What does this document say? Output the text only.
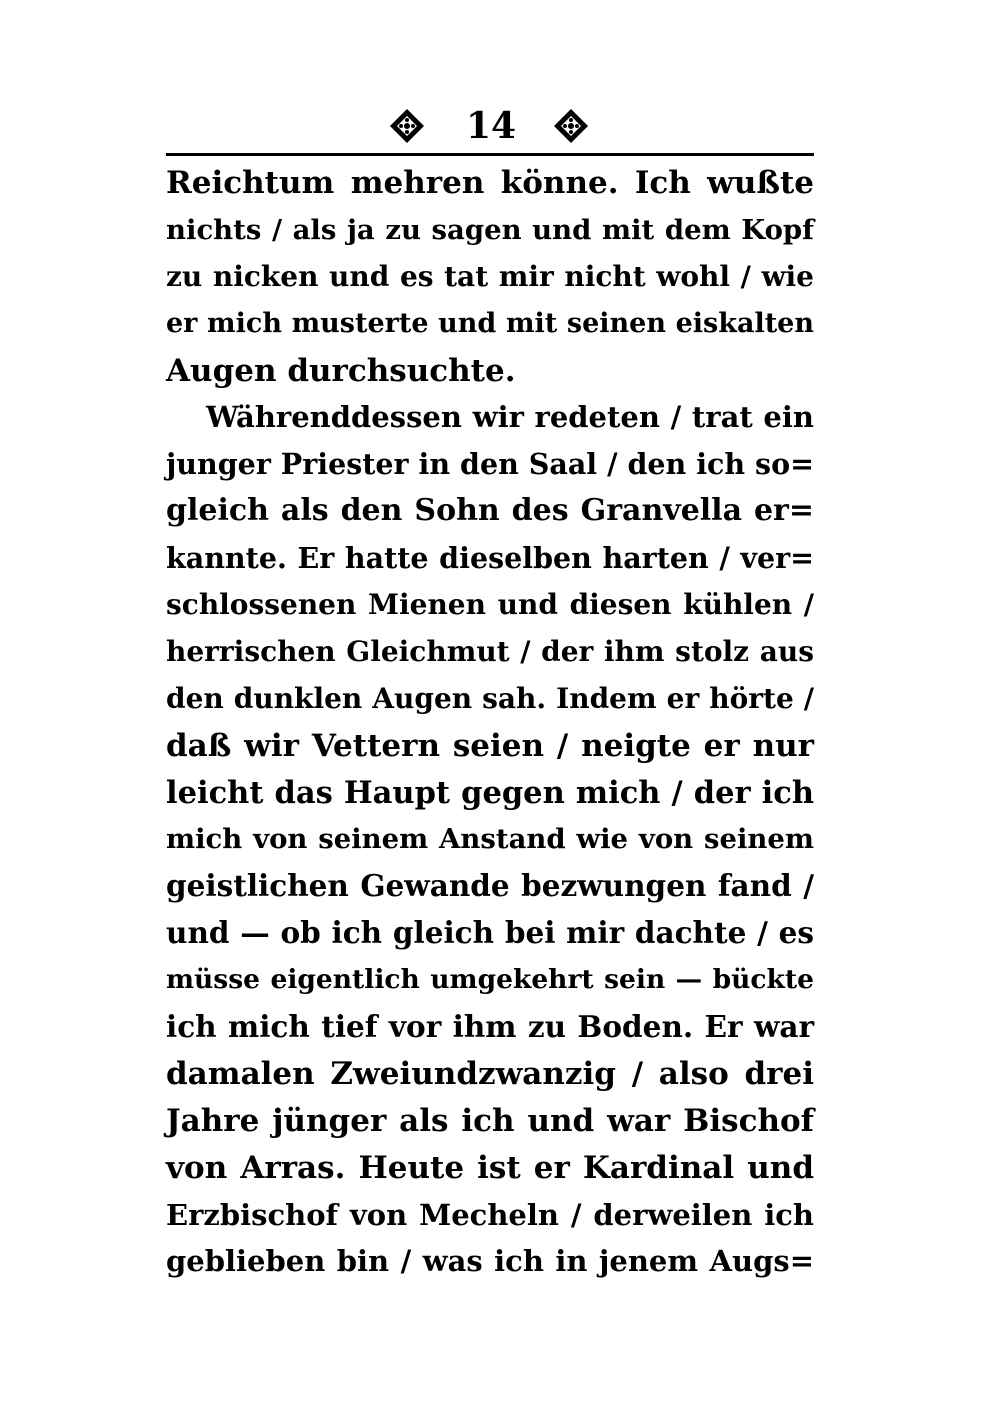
14
Reichtum mehren könne. Ich wußte
nichts / als ja zu sagen und mit dem Kopf
zu nicken und es tat mir nicht wohl / wie
er mich musterte und mit seinen eiskalten
Augen durchsuchte.
Währenddessen wir redeten / trat ein
junger Priester in den Saal / den ich so=
gleich als den Sohn des Granvella er=
kannte. Er hatte dieselben harten / ver=
schlossenen Mienen und diesen kühlen /
herrischen Gleichmut / der ihm stolz aus
den dunklen Augen sah. Indem er hörte /
daß wir Vettern seien / neigte er nur
leicht das Haupt gegen mich / der ich
mich von seinem Anstand wie von seinem
geistlichen Gewande bezwungen fand /
und — ob ich gleich bei mir dachte / es
müsse eigentlich umgekehrt sein — bückte
ich mich tief vor ihm zu Boden. Er war
damalen Zweiundzwanzig / also drei
Jahre jünger als ich und war Bischof
von Arras. Heute ist er Kardinal und
Erzbischof von Mecheln / derweilen ich
geblieben bin / was ich in jenem Augs=
